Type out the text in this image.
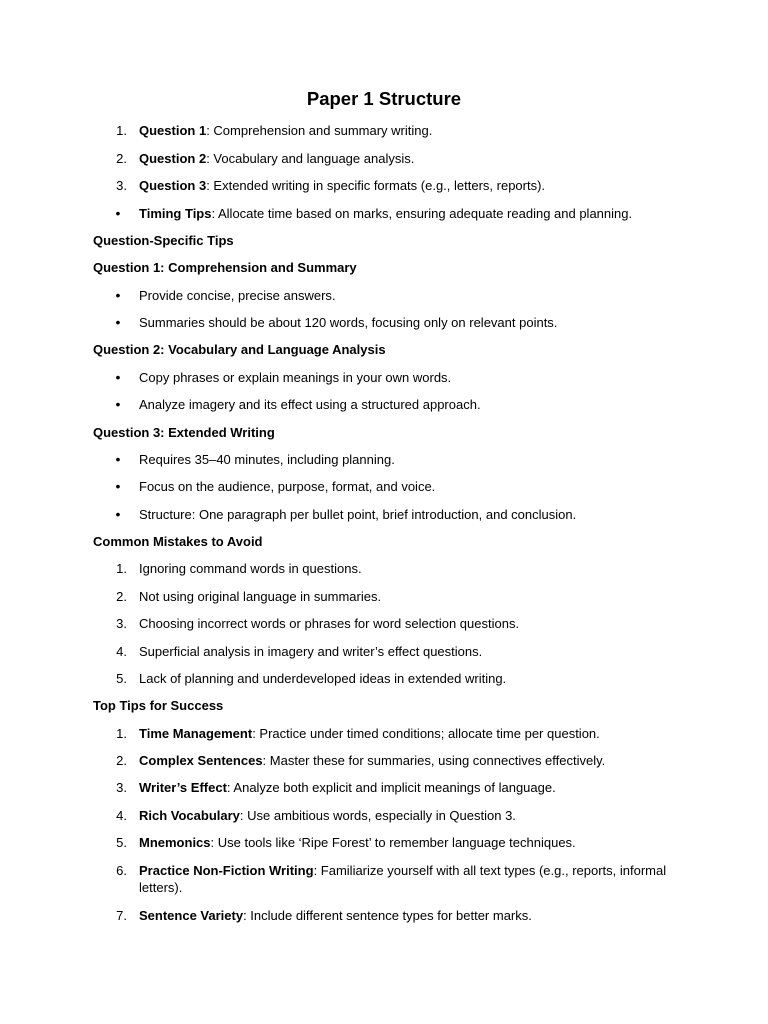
Paper 1 Structure
1. Question 1: Comprehension and summary writing.
2. Question 2: Vocabulary and language analysis.
3. Question 3: Extended writing in specific formats (e.g., letters, reports).
• Timing Tips: Allocate time based on marks, ensuring adequate reading and planning.
Question-Specific Tips
Question 1: Comprehension and Summary
• Provide concise, precise answers.
• Summaries should be about 120 words, focusing only on relevant points.
Question 2: Vocabulary and Language Analysis
• Copy phrases or explain meanings in your own words.
• Analyze imagery and its effect using a structured approach.
Question 3: Extended Writing
• Requires 35–40 minutes, including planning.
• Focus on the audience, purpose, format, and voice.
• Structure: One paragraph per bullet point, brief introduction, and conclusion.
Common Mistakes to Avoid
1. Ignoring command words in questions.
2. Not using original language in summaries.
3. Choosing incorrect words or phrases for word selection questions.
4. Superficial analysis in imagery and writer’s effect questions.
5. Lack of planning and underdeveloped ideas in extended writing.
Top Tips for Success
1. Time Management: Practice under timed conditions; allocate time per question.
2. Complex Sentences: Master these for summaries, using connectives effectively.
3. Writer’s Effect: Analyze both explicit and implicit meanings of language.
4. Rich Vocabulary: Use ambitious words, especially in Question 3.
5. Mnemonics: Use tools like ‘Ripe Forest’ to remember language techniques.
6. Practice Non-Fiction Writing: Familiarize yourself with all text types (e.g., reports, informal
letters).
7. Sentence Variety: Include different sentence types for better marks.
